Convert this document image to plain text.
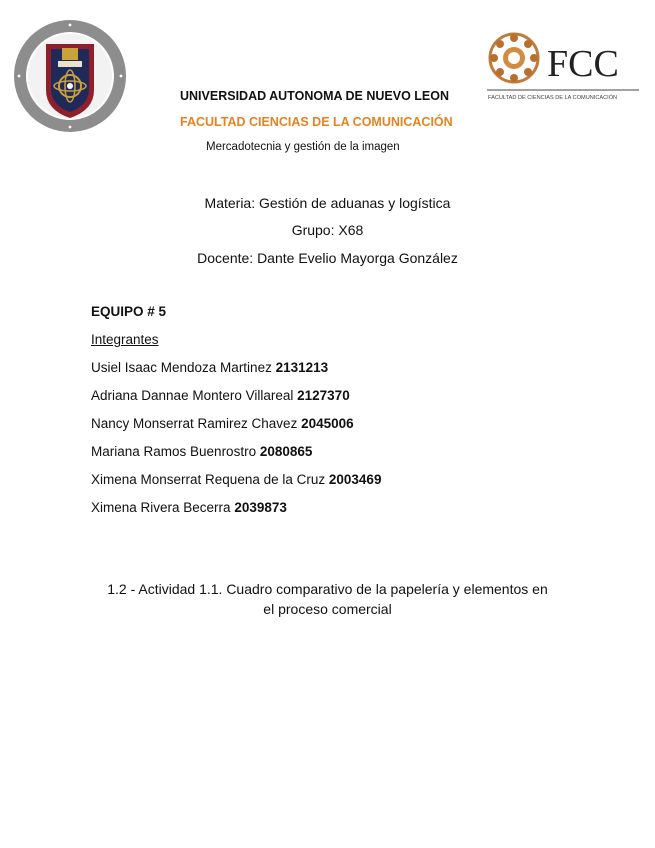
FCC
FACULTAD DE CIENCIAS DE LA COMUNICACIÓN
UNIVERSIDAD AUTONOMA DE NUEVO LEON
FACULTAD CIENCIAS DE LA COMUNICACIÓN
Mercadotecnia y gestión de la imagen
Materia: Gestión de aduanas y logística
Grupo: X68
Docente: Dante Evelio Mayorga González
EQUIPO # 5
Integrantes
Usiel Isaac Mendoza Martinez 2131213
Adriana Dannae Montero Villareal 2127370
Nancy Monserrat Ramirez Chavez 2045006
Mariana Ramos Buenrostro 2080865
Ximena Monserrat Requena de la Cruz 2003469
Ximena Rivera Becerra 2039873
1.2 - Actividad 1.1. Cuadro comparativo de la papelería y elementos en
el proceso comercial
